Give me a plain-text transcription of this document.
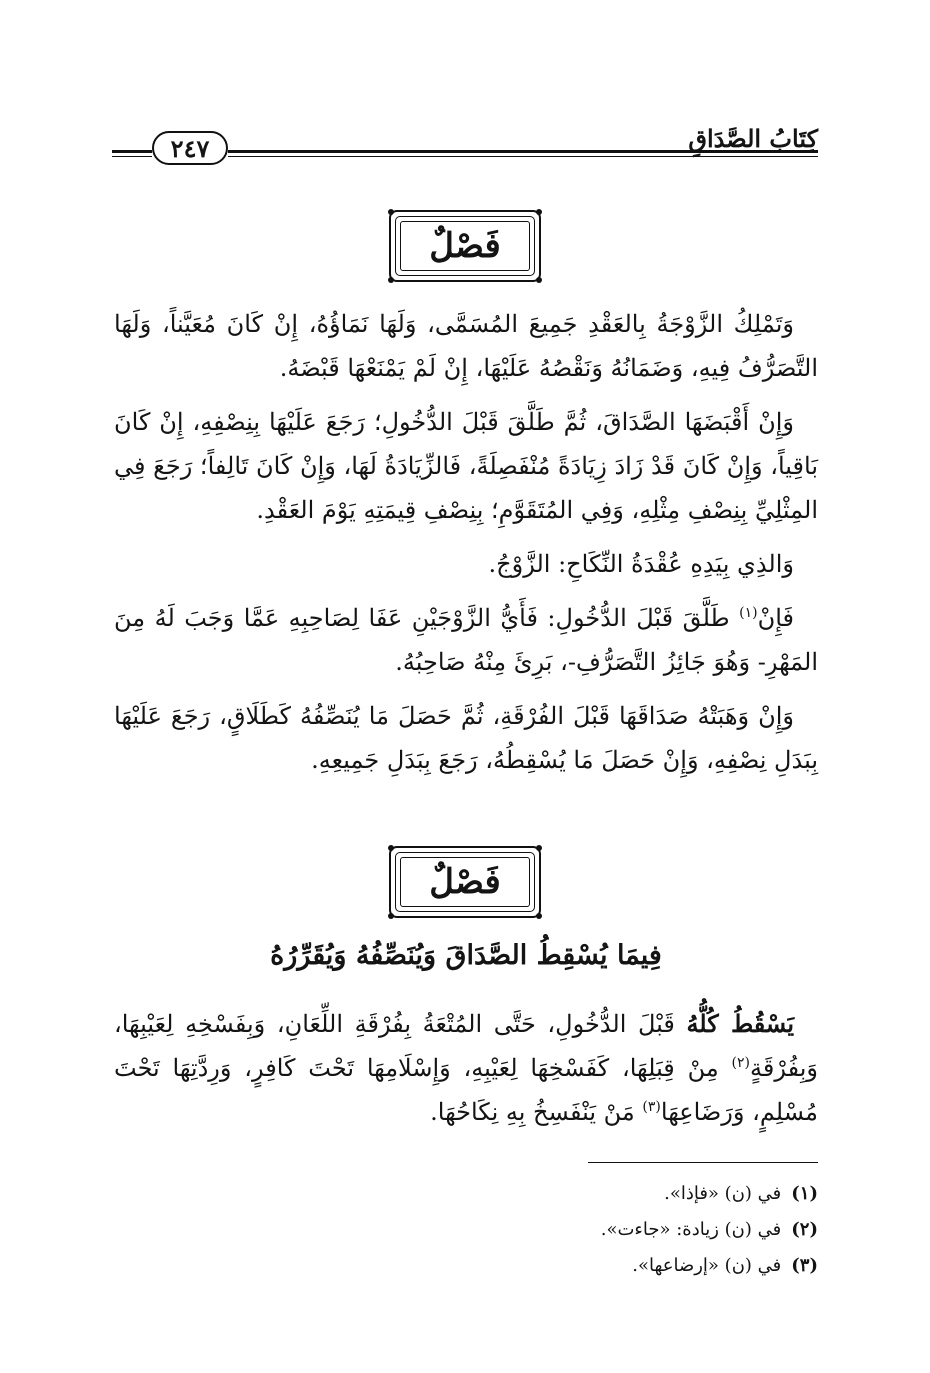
كِتَابُ الصَّدَاقِ
٢٤٧
فَصْلٌ

وَتَمْلِكُ الزَّوْجَةُ بِالعَقْدِ جَمِيعَ المُسَمَّى، وَلَهَا نَمَاؤُهُ، إِنْ كَانَ مُعَيَّناً، وَلَهَا التَّصَرُّفُ فِيهِ، وَضَمَانُهُ وَنَقْصُهُ عَلَيْهَا، إِنْ لَمْ يَمْنَعْهَا قَبْضَهُ.

وَإِنْ أَقْبَضَهَا الصَّدَاقَ، ثُمَّ طَلَّقَ قَبْلَ الدُّخُولِ؛ رَجَعَ عَلَيْهَا بِنِصْفِهِ، إِنْ كَانَ بَاقِياً، وَإِنْ كَانَ قَدْ زَادَ زِيَادَةً مُنْفَصِلَةً، فَالزِّيَادَةُ لَهَا، وَإِنْ كَانَ تَالِفاً؛ رَجَعَ فِي المِثْلِيِّ بِنِصْفِ مِثْلِهِ، وَفِي المُتَقَوَّمِ؛ بِنِصْفِ قِيمَتِهِ يَوْمَ العَقْدِ.

وَالذِي بِيَدِهِ عُقْدَةُ النِّكَاحِ: الزَّوْجُ.

فَإِنْ$^{(١)}$ طَلَّقَ قَبْلَ الدُّخُولِ: فَأَيُّ الزَّوْجَيْنِ عَفَا لِصَاحِبِهِ عَمَّا وَجَبَ لَهُ مِنَ المَهْرِ- وَهُوَ جَائِزُ التَّصَرُّفِ-، بَرِئَ مِنْهُ صَاحِبُهُ.

وَإِنْ وَهَبَتْهُ صَدَاقَهَا قَبْلَ الفُرْقَةِ، ثُمَّ حَصَلَ مَا يُنَصِّفُهُ كَطَلَاقٍ، رَجَعَ عَلَيْهَا بِبَدَلِ نِصْفِهِ، وَإِنْ حَصَلَ مَا يُسْقِطُهُ، رَجَعَ بِبَدَلِ جَمِيعِهِ.

فَصْلٌ
فِيمَا يُسْقِطُ الصَّدَاقَ وَيُنَصِّفُهُ وَيُقَرِّرُهُ

يَسْقُطُ كُلُّهُ قَبْلَ الدُّخُولِ، حَتَّى المُتْعَةُ بِفُرْقَةِ اللِّعَانِ، وَبِفَسْخِهِ لِعَيْبِهَا، وَبِفُرْقَةٍ$^{(٢)}$ مِنْ قِبَلِهَا، كَفَسْخِهَا لِعَيْبِهِ، وَإِسْلَامِهَا تَحْتَ كَافِرٍ، وَرِدَّتِهَا تَحْتَ مُسْلِمٍ، وَرَضَاعِهَا$^{(٣)}$ مَنْ يَنْفَسِخُ بِهِ نِكَاحُهَا.

(١)
في (ن) «فإذا».
(٢)
في (ن) زيادة: «جاءت».
(٣)
في (ن) «إرضاعها».
